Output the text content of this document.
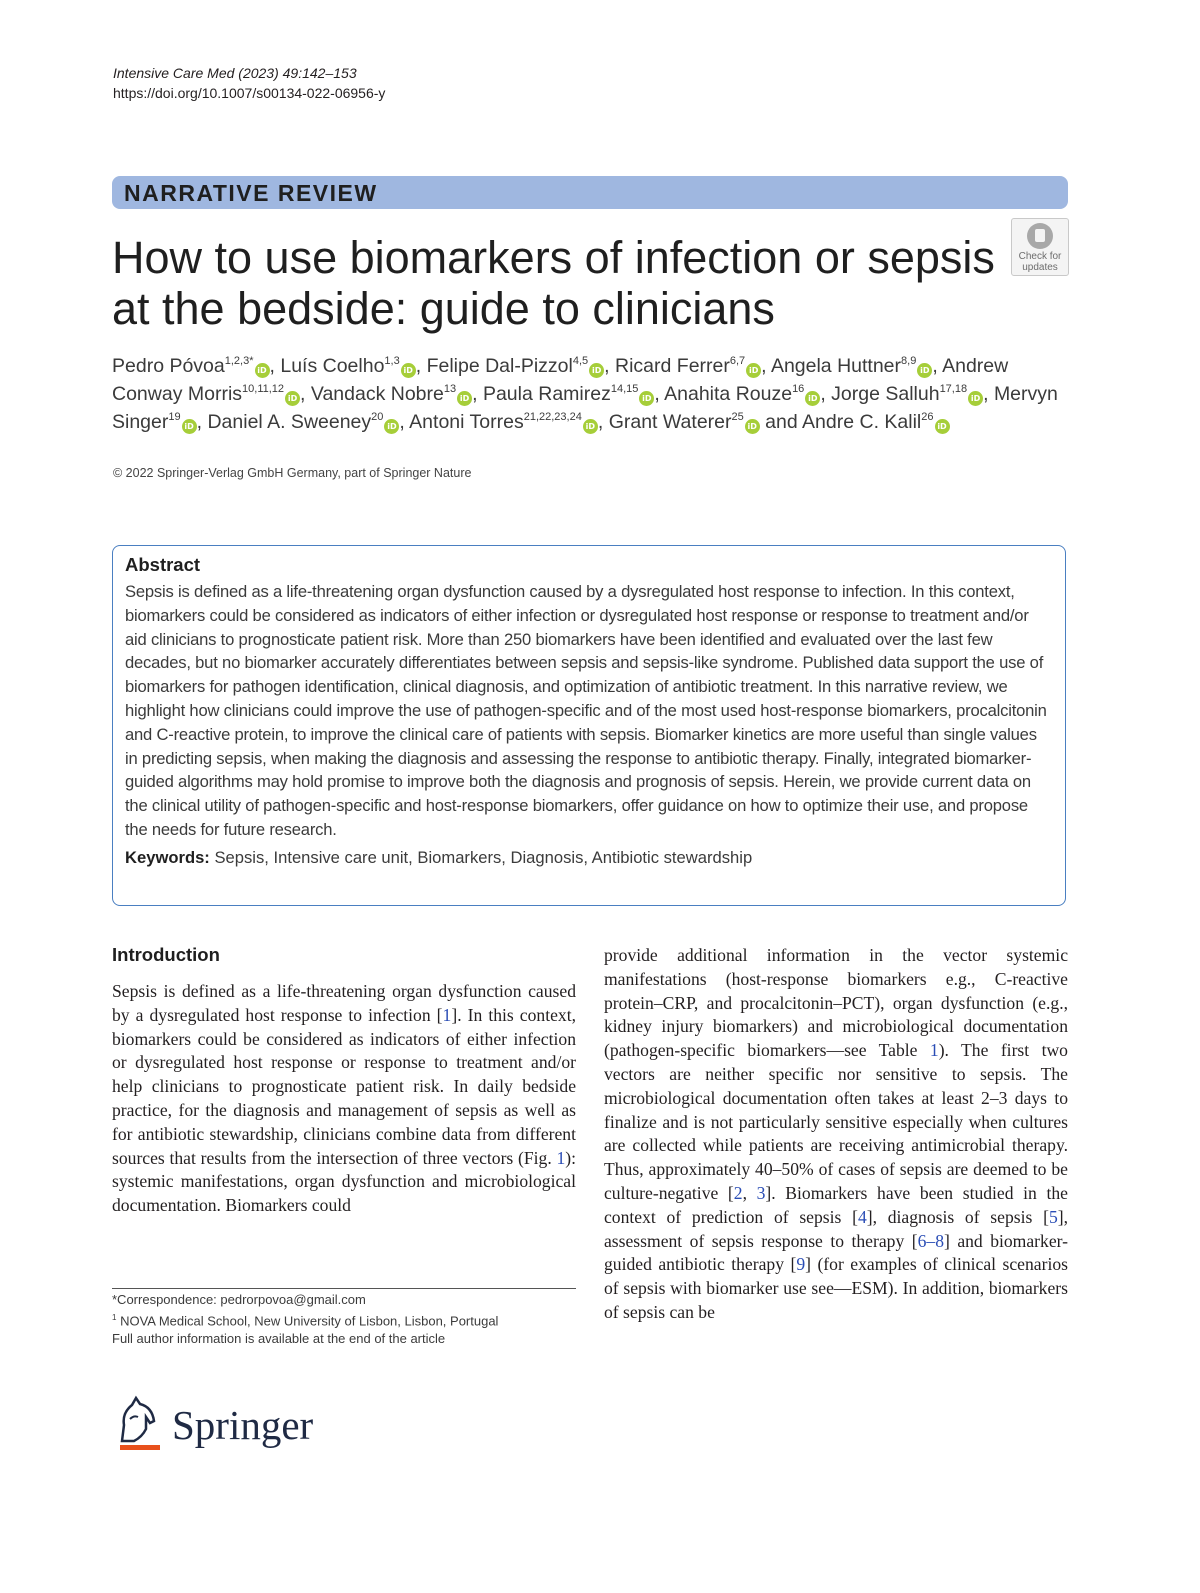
Intensive Care Med (2023) 49:142–153
https://doi.org/10.1007/s00134-022-06956-y
NARRATIVE REVIEW
Check for
updates
How to use biomarkers of infection or sepsis
at the bedside: guide to clinicians
Pedro Póvoa$^{1,2,3*}$iD , Luís Coelho$^{1,3}$iD , Felipe Dal-Pizzol$^{4,5}$iD , Ricard Ferrer$^{6,7}$iD , Angela Huttner$^{8,9}$iD , Andrew Conway Morris$^{10,11,12}$iD , Vandack Nobre$^{13}$iD , Paula Ramirez$^{14,15}$iD , Anahita Rouze$^{16}$iD , Jorge Salluh$^{17,18}$iD , Mervyn Singer$^{19}$iD , Daniel A. Sweeney$^{20}$iD , Antoni Torres$^{21,22,23,24}$iD , Grant Waterer$^{25}$iD and Andre C. Kalil$^{26}$iD
© 2022 Springer-Verlag GmbH Germany, part of Springer Nature
Abstract

Sepsis is defined as a life-threatening organ dysfunction caused by a dysregulated host response to infection. In this context, biomarkers could be considered as indicators of either infection or dysregulated host response or response to treatment and/or aid clinicians to prognosticate patient risk. More than 250 biomarkers have been identified and evaluated over the last few decades, but no biomarker accurately differentiates between sepsis and sepsis-like syndrome. Published data support the use of biomarkers for pathogen identification, clinical diagnosis, and optimization of antibiotic treatment. In this narrative review, we highlight how clinicians could improve the use of pathogen-specific and of the most used host-response biomarkers, procalcitonin and C-reactive protein, to improve the clinical care of patients with sepsis. Biomarker kinetics are more useful than single values in predicting sepsis, when making the diagnosis and assessing the response to antibiotic therapy. Finally, integrated biomarker-guided algorithms may hold promise to improve both the diagnosis and prognosis of sepsis. Herein, we provide current data on the clinical utility of pathogen-specific and host-response biomarkers, offer guidance on how to optimize their use, and propose the needs for future research.

Keywords: Sepsis, Intensive care unit, Biomarkers, Diagnosis, Antibiotic stewardship
Introduction
Sepsis is defined as a life-threatening organ dysfunction caused by a dysregulated host response to infection [1]. In this context, biomarkers could be considered as indicators of either infection or dysregulated host response or response to treatment and/or help clinicians to prognosticate patient risk. In daily bedside practice, for the diagnosis and management of sepsis as well as for antibiotic stewardship, clinicians combine data from different sources that results from the intersection of three vectors (Fig. 1): systemic manifestations, organ dysfunction and microbiological documentation. Biomarkers could
provide additional information in the vector systemic manifestations (host-response biomarkers e.g., C-reactive protein–CRP, and procalcitonin–PCT), organ dysfunction (e.g., kidney injury biomarkers) and microbiological documentation (pathogen-specific biomarkers—see Table 1). The first two vectors are neither specific nor sensitive to sepsis. The microbiological documentation often takes at least 2–3 days to finalize and is not particularly sensitive especially when cultures are collected while patients are receiving antimicrobial therapy. Thus, approximately 40–50% of cases of sepsis are deemed to be culture-negative [2, 3]. Biomarkers have been studied in the context of prediction of sepsis [4], diagnosis of sepsis [5], assessment of sepsis response to therapy [6–8] and biomarker-guided antibiotic therapy [9] (for examples of clinical scenarios of sepsis with biomarker use see—ESM). In addition, biomarkers of sepsis can be
*Correspondence: pedrorpovoa@gmail.com
$^1$ NOVA Medical School, New University of Lisbon, Lisbon, Portugal
Full author information is available at the end of the article
Springer
